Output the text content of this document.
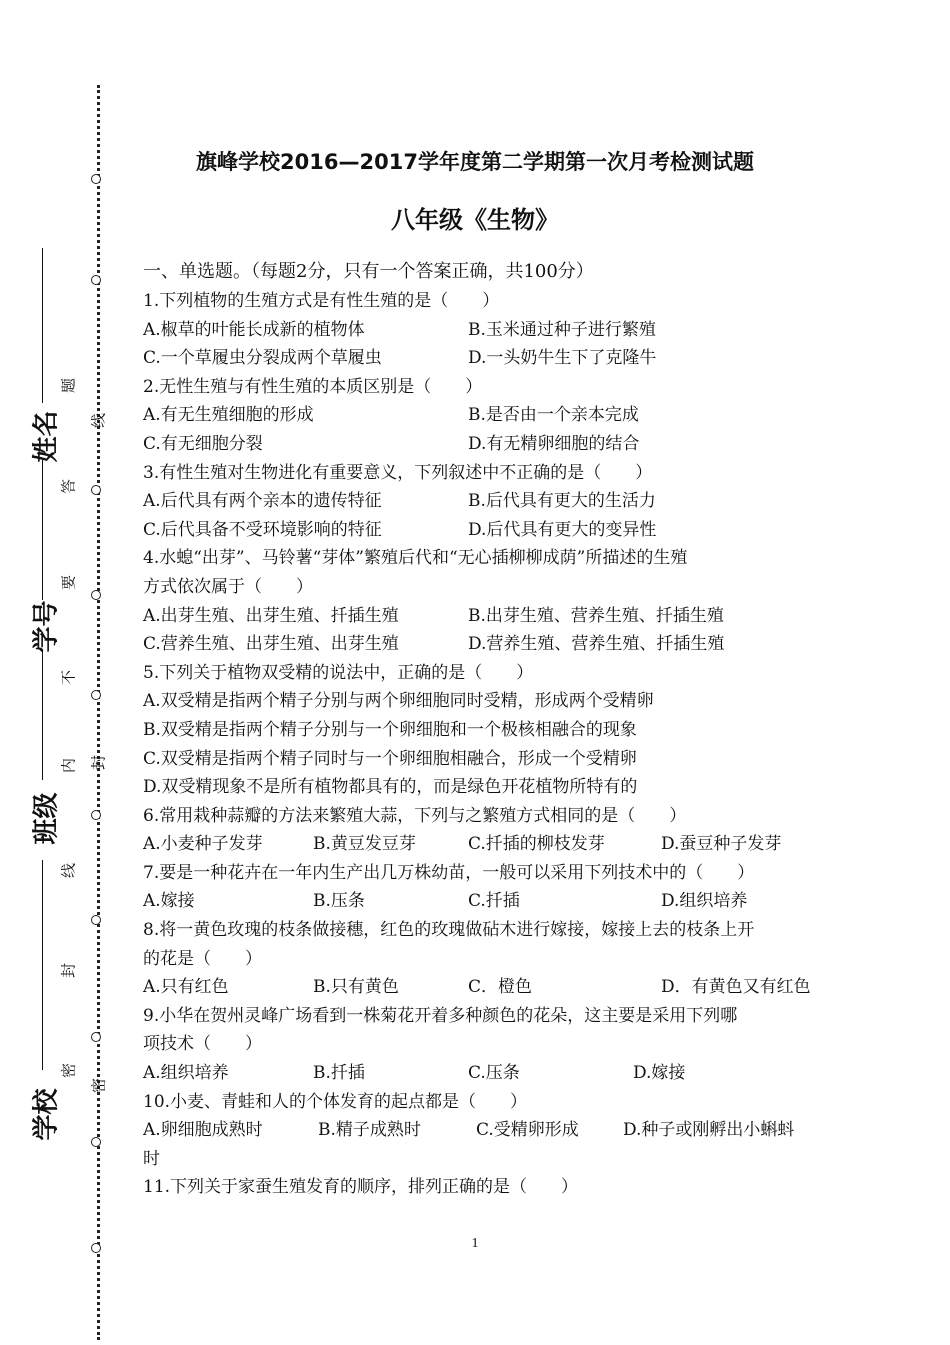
姓名
学号
班级
学校
题
线
答
要
不
内 封
线
封
密
密
旗峰学校2016—2017学年度第二学期第一次月考检测试题
八年级《生物》
一、单选题。（每题2分，只有一个答案正确，共100分）
1.下列植物的生殖方式是有性生殖的是（　　）
A.椒草的叶能长成新的植物体	B.玉米通过种子进行繁殖
C.一个草履虫分裂成两个草履虫	D.一头奶牛生下了克隆牛
2.无性生殖与有性生殖的本质区别是（　　）
A.有无生殖细胞的形成	B.是否由一个亲本完成
C.有无细胞分裂	D.有无精卵细胞的结合
3.有性生殖对生物进化有重要意义，下列叙述中不正确的是（　　）
A.后代具有两个亲本的遗传特征	B.后代具有更大的生活力
C.后代具备不受环境影响的特征	D.后代具有更大的变异性
4.水螅“出芽”、马铃薯“芽体”繁殖后代和“无心插柳柳成荫”所描述的生殖
方式依次属于（　　）
A.出芽生殖、出芽生殖、扦插生殖	B.出芽生殖、营养生殖、扦插生殖
C.营养生殖、出芽生殖、出芽生殖	D.营养生殖、营养生殖、扦插生殖
5.下列关于植物双受精的说法中，正确的是（　　）
A.双受精是指两个精子分别与两个卵细胞同时受精，形成两个受精卵
B.双受精是指两个精子分别与一个卵细胞和一个极核相融合的现象
C.双受精是指两个精子同时与一个卵细胞相融合，形成一个受精卵
D.双受精现象不是所有植物都具有的，而是绿色开花植物所特有的
6.常用栽种蒜瓣的方法来繁殖大蒜，下列与之繁殖方式相同的是（　　）
A.小麦种子发芽	B.黄豆发豆芽	C.扦插的柳枝发芽	D.蚕豆种子发芽
7.要是一种花卉在一年内生产出几万株幼苗，一般可以采用下列技术中的（　　）
A.嫁接	B.压条	C.扦插	D.组织培养
8.将一黄色玫瑰的枝条做接穗，红色的玫瑰做砧木进行嫁接，嫁接上去的枝条上开
的花是（　　）
A.只有红色	B.只有黄色	C．橙色	D．有黄色又有红色
9.小华在贺州灵峰广场看到一株菊花开着多种颜色的花朵，这主要是采用下列哪
项技术（　　）
A.组织培养	B.扦插	C.压条	D.嫁接
10.小麦、青蛙和人的个体发育的起点都是（　　）
A.卵细胞成熟时	B.精子成熟时	C.受精卵形成	D.种子或刚孵出小蝌蚪
时
11.下列关于家蚕生殖发育的顺序，排列正确的是（　　）
1
